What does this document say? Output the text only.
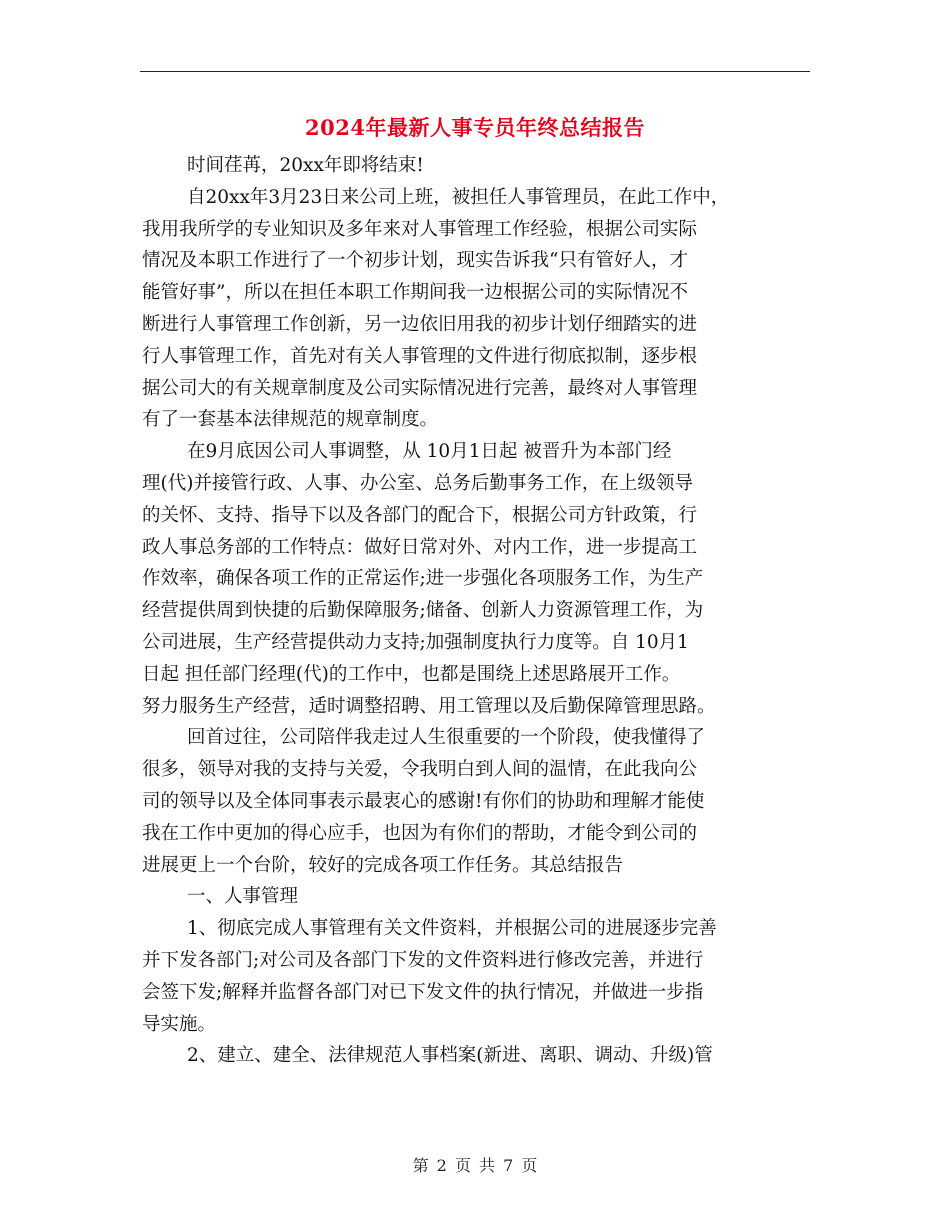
2024年最新人事专员年终总结报告
时间荏苒，20xx年即将结束!
自20xx年3月23日来公司上班，被担任人事管理员，在此工作中，
我用我所学的专业知识及多年来对人事管理工作经验，根据公司实际
情况及本职工作进行了一个初步计划，现实告诉我“只有管好人，才
能管好事”，所以在担任本职工作期间我一边根据公司的实际情况不
断进行人事管理工作创新，另一边依旧用我的初步计划仔细踏实的进
行人事管理工作，首先对有关人事管理的文件进行彻底拟制，逐步根
据公司大的有关规章制度及公司实际情况进行完善，最终对人事管理
有了一套基本法律规范的规章制度。
在9月底因公司人事调整，从 10月1日起 被晋升为本部门经
理(代)并接管行政、人事、办公室、总务后勤事务工作，在上级领导
的关怀、支持、指导下以及各部门的配合下，根据公司方针政策，行
政人事总务部的工作特点：做好日常对外、对内工作，进一步提高工
作效率，确保各项工作的正常运作;进一步强化各项服务工作，为生产
经营提供周到快捷的后勤保障服务;储备、创新人力资源管理工作，为
公司进展，生产经营提供动力支持;加强制度执行力度等。自 10月1
日起 担任部门经理(代)的工作中，也都是围绕上述思路展开工作。
努力服务生产经营，适时调整招聘、用工管理以及后勤保障管理思路。
回首过往，公司陪伴我走过人生很重要的一个阶段，使我懂得了
很多，领导对我的支持与关爱，令我明白到人间的温情，在此我向公
司的领导以及全体同事表示最衷心的感谢!有你们的协助和理解才能使
我在工作中更加的得心应手，也因为有你们的帮助，才能令到公司的
进展更上一个台阶，较好的完成各项工作任务。其总结报告
一、人事管理
1、彻底完成人事管理有关文件资料，并根据公司的进展逐步完善
并下发各部门;对公司及各部门下发的文件资料进行修改完善，并进行
会签下发;解释并监督各部门对已下发文件的执行情况，并做进一步指
导实施。
2、建立、建全、法律规范人事档案(新进、离职、调动、升级)管
第 2 页 共 7 页
